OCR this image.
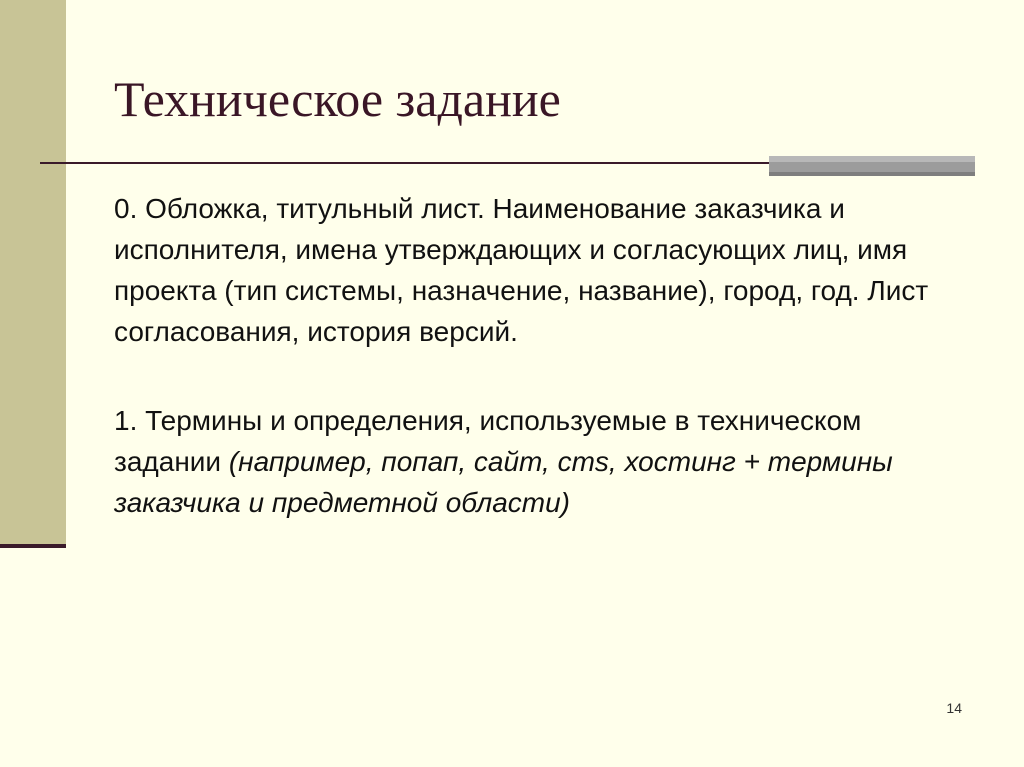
Техническое задание

0. Обложка, титульный лист. Наименование заказчика и исполнителя, имена утверждающих и согласующих лиц, имя проекта (тип системы, назначение, название), город, год. Лист согласования, история версий.

1. Термины и определения, используемые в техническом задании (например, попап, сайт, cms, хостинг + термины заказчика и предметной области)

14
